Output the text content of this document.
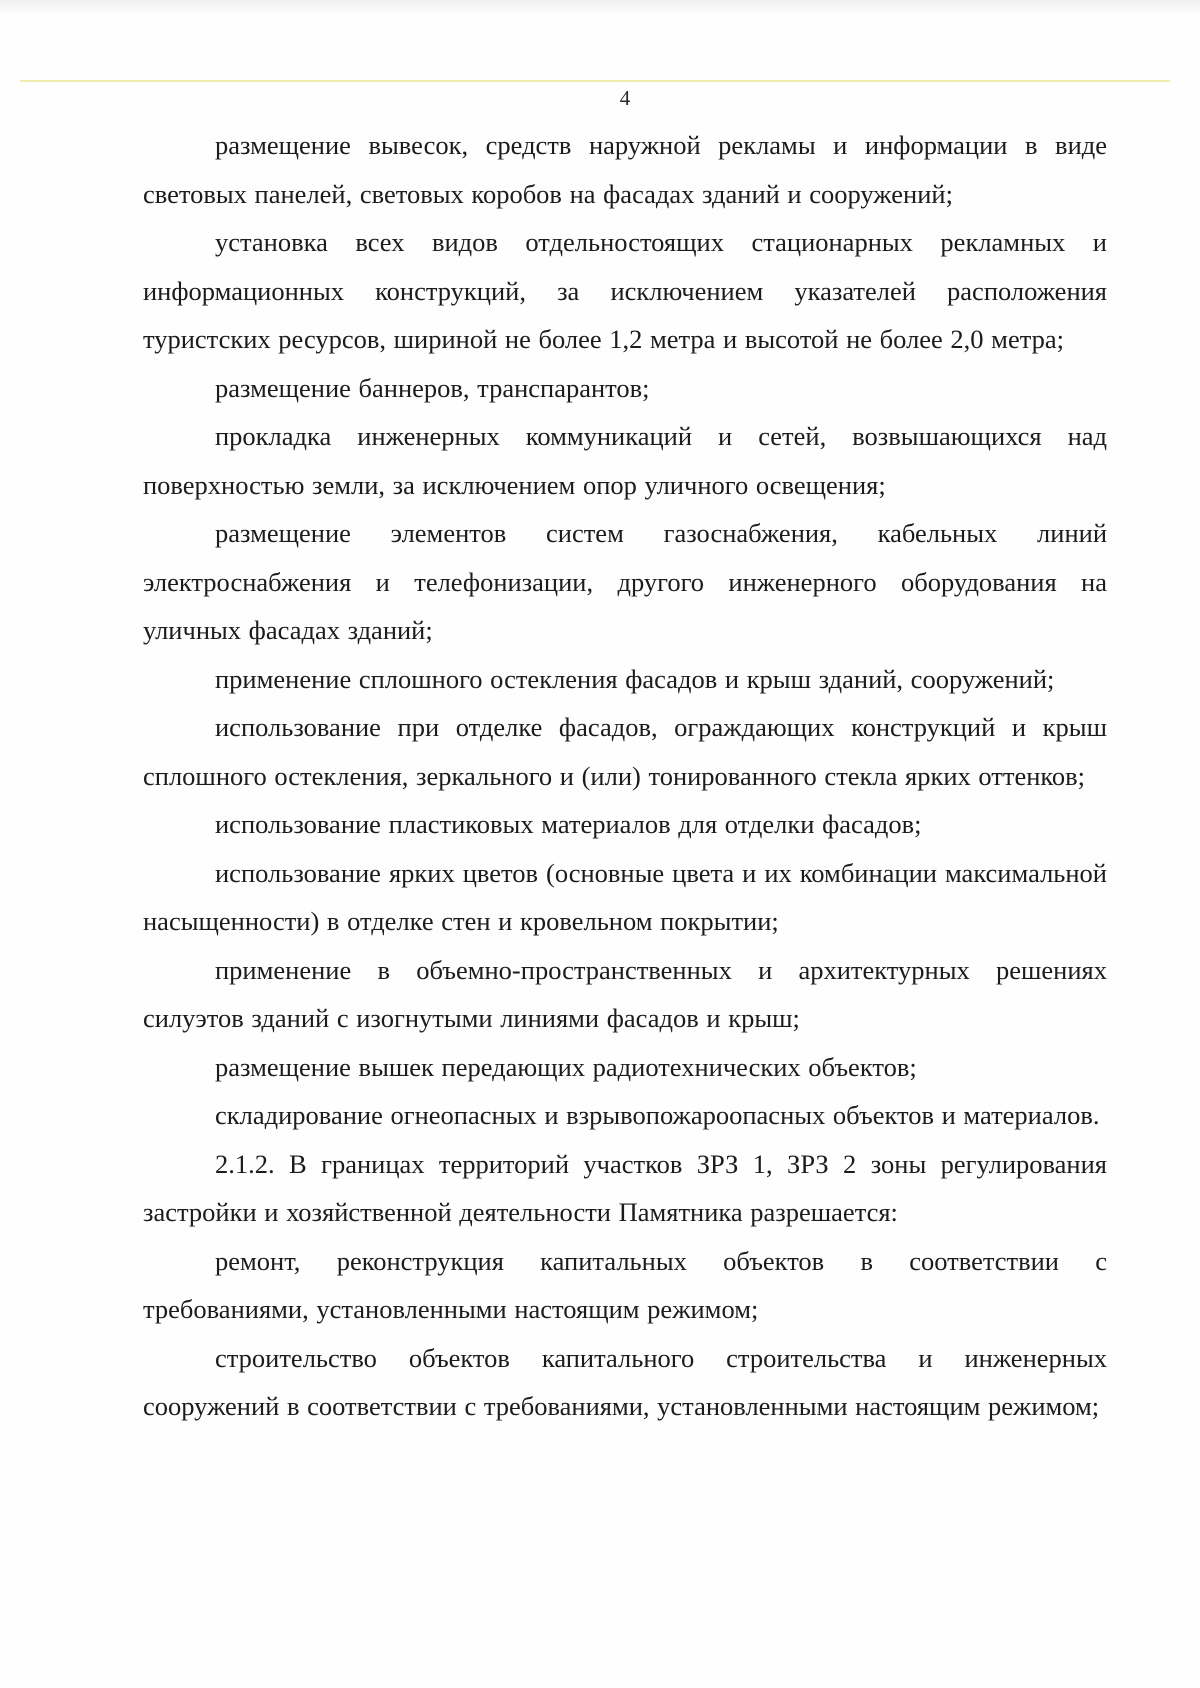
4

размещение вывесок, средств наружной рекламы и информации в виде световых панелей, световых коробов на фасадах зданий и сооружений;

установка всех видов отдельностоящих стационарных рекламных и информационных конструкций, за исключением указателей расположения туристских ресурсов, шириной не более 1,2 метра и высотой не более 2,0 метра;

размещение баннеров, транспарантов;

прокладка инженерных коммуникаций и сетей, возвышающихся над поверхностью земли, за исключением опор уличного освещения;

размещение элементов систем газоснабжения, кабельных линий электроснабжения и телефонизации, другого инженерного оборудования на уличных фасадах зданий;

применение сплошного остекления фасадов и крыш зданий, сооружений;

использование при отделке фасадов, ограждающих конструкций и крыш сплошного остекления, зеркального и (или) тонированного стекла ярких оттенков;

использование пластиковых материалов для отделки фасадов;

использование ярких цветов (основные цвета и их комбинации максимальной насыщенности) в отделке стен и кровельном покрытии;

применение в объемно-пространственных и архитектурных решениях силуэтов зданий с изогнутыми линиями фасадов и крыш;

размещение вышек передающих радиотехнических объектов;

складирование огнеопасных и взрывопожароопасных объектов и материалов.

2.1.2. В границах территорий участков ЗРЗ 1, ЗРЗ 2 зоны регулирования застройки и хозяйственной деятельности Памятника разрешается:

ремонт, реконструкция капитальных объектов в соответствии с требованиями, установленными настоящим режимом;

строительство объектов капитального строительства и инженерных сооружений в соответствии с требованиями, установленными настоящим режимом;
